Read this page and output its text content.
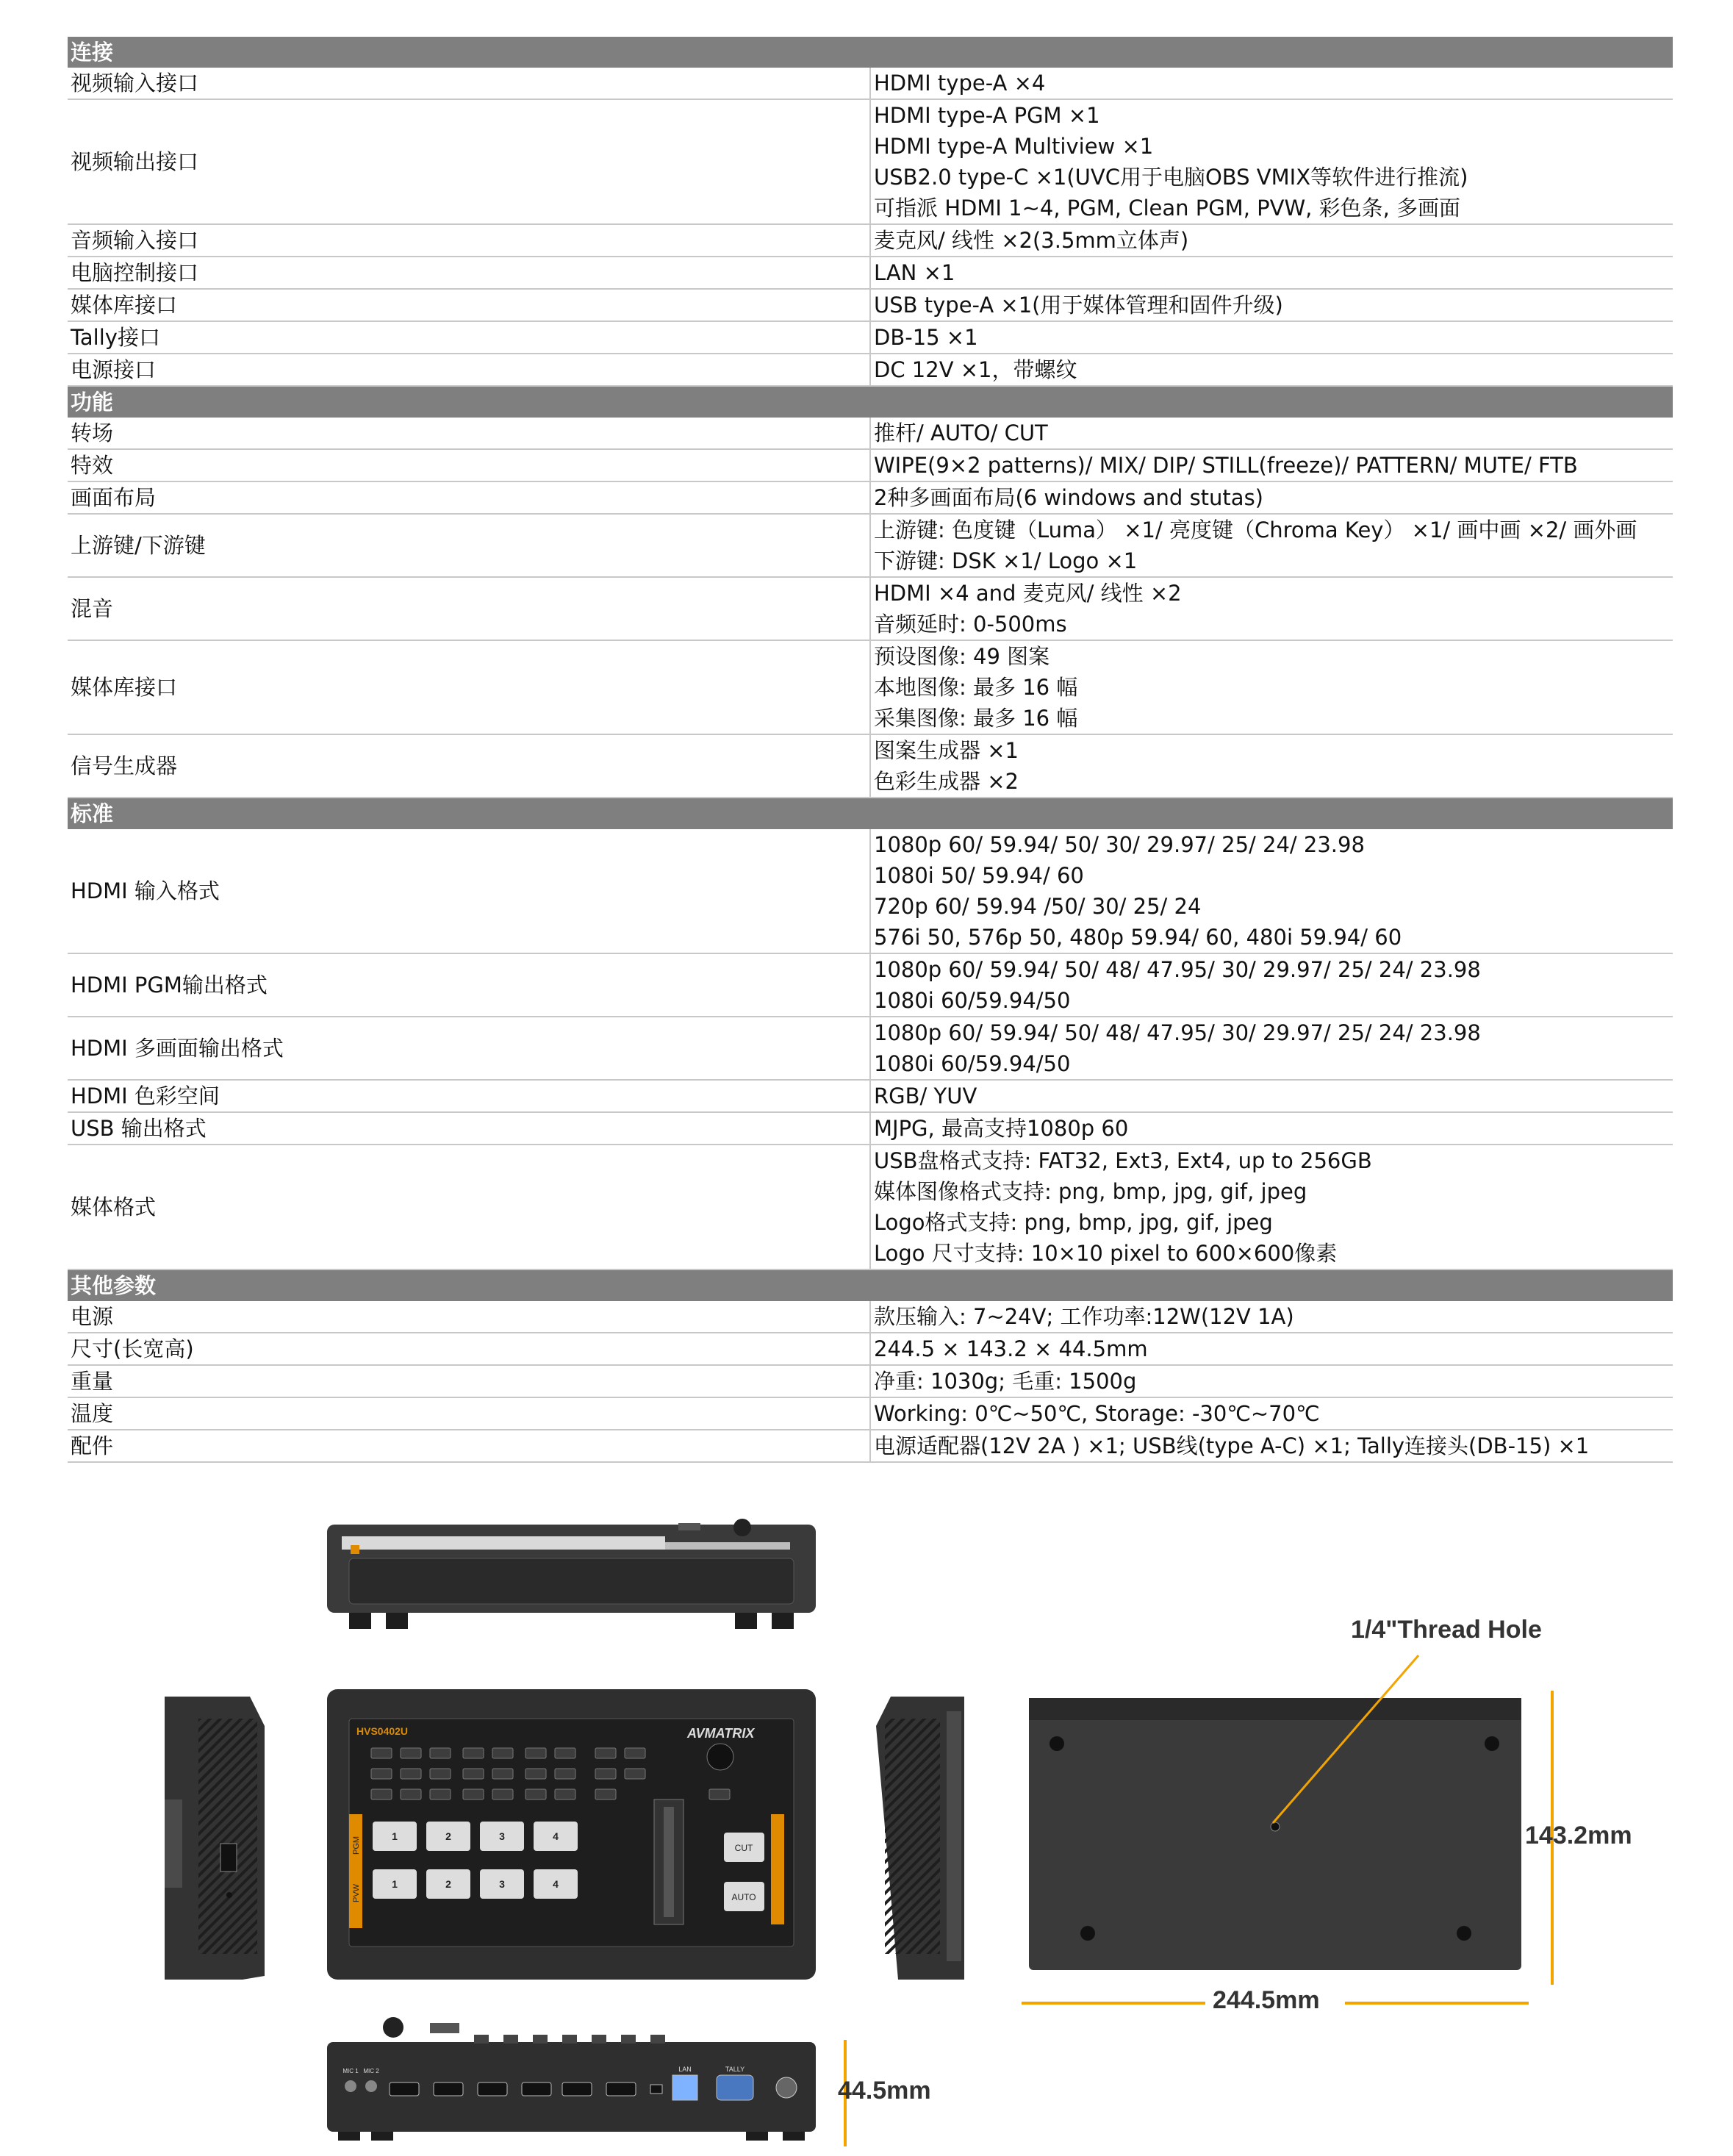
连接	
视频输入接口	HDMI type-A ×4

视频输出接口	HDMI type-A PGM ×1
HDMI type-A Multiview ×1
USB2.0 type-C ×1(UVC用于电脑OBS VMIX等软件进行推流)
可指派 HDMI 1~4, PGM, Clean PGM, PVW, 彩色条, 多画面

音频输入接口	麦克风/ 线性 ×2(3.5mm立体声)

电脑控制接口	LAN ×1

媒体库接口	USB type-A ×1(用于媒体管理和固件升级)

Tally接口	DB-15 ×1

电源接口	DC 12V ×1，带螺纹

功能	
转场	推杆/ AUTO/ CUT

特效	WIPE(9×2 patterns)/ MIX/ DIP/ STILL(freeze)/ PATTERN/ MUTE/ FTB

画面布局	2种多画面布局(6 windows and stutas)

上游键/下游键	上游键: 色度键（Luma） ×1/ 亮度键（Chroma Key） ×1/ 画中画 ×2/ 画外画
下游键: DSK ×1/ Logo ×1

混音	HDMI ×4 and 麦克风/ 线性 ×2
音频延时: 0-500ms

媒体库接口	预设图像: 49 图案
本地图像: 最多 16 幅
采集图像: 最多 16 幅

信号生成器	图案生成器 ×1
色彩生成器 ×2

标准	
HDMI 输入格式	1080p 60/ 59.94/ 50/ 30/ 29.97/ 25/ 24/ 23.98
1080i 50/ 59.94/ 60
720p 60/ 59.94 /50/ 30/ 25/ 24
576i 50, 576p 50, 480p 59.94/ 60, 480i 59.94/ 60

HDMI PGM输出格式	1080p 60/ 59.94/ 50/ 48/ 47.95/ 30/ 29.97/ 25/ 24/ 23.98
1080i 60/59.94/50

HDMI 多画面输出格式	1080p 60/ 59.94/ 50/ 48/ 47.95/ 30/ 29.97/ 25/ 24/ 23.98
1080i 60/59.94/50

HDMI 色彩空间	RGB/ YUV

USB 输出格式	MJPG, 最高支持1080p 60

媒体格式	USB盘格式支持: FAT32, Ext3, Ext4, up to 256GB
媒体图像格式支持: png, bmp, jpg, gif, jpeg
Logo格式支持: png, bmp, jpg, gif, jpeg
Logo 尺寸支持: 10×10 pixel to 600×600像素

其他参数	
电源	款压输入: 7~24V; 工作功率:12W(12V 1A)

尺寸(长宽高)	244.5 × 143.2 × 44.5mm

重量	净重: 1030g; 毛重: 1500g

温度	Working: 0℃~50℃, Storage: -30℃~70℃

配件	电源适配器(12V 2A ) ×1; USB线(type A-C) ×1; Tally连接头(DB-15) ×1
HVS0402U	AVMATRIX
PGM
PVW
1	2	3	4
1	2	3	4
CUT
AUTO
LAN	TALLY
MIC 1 MIC 2
1/4"Thread Hole
143.2mm
244.5mm
44.5mm
